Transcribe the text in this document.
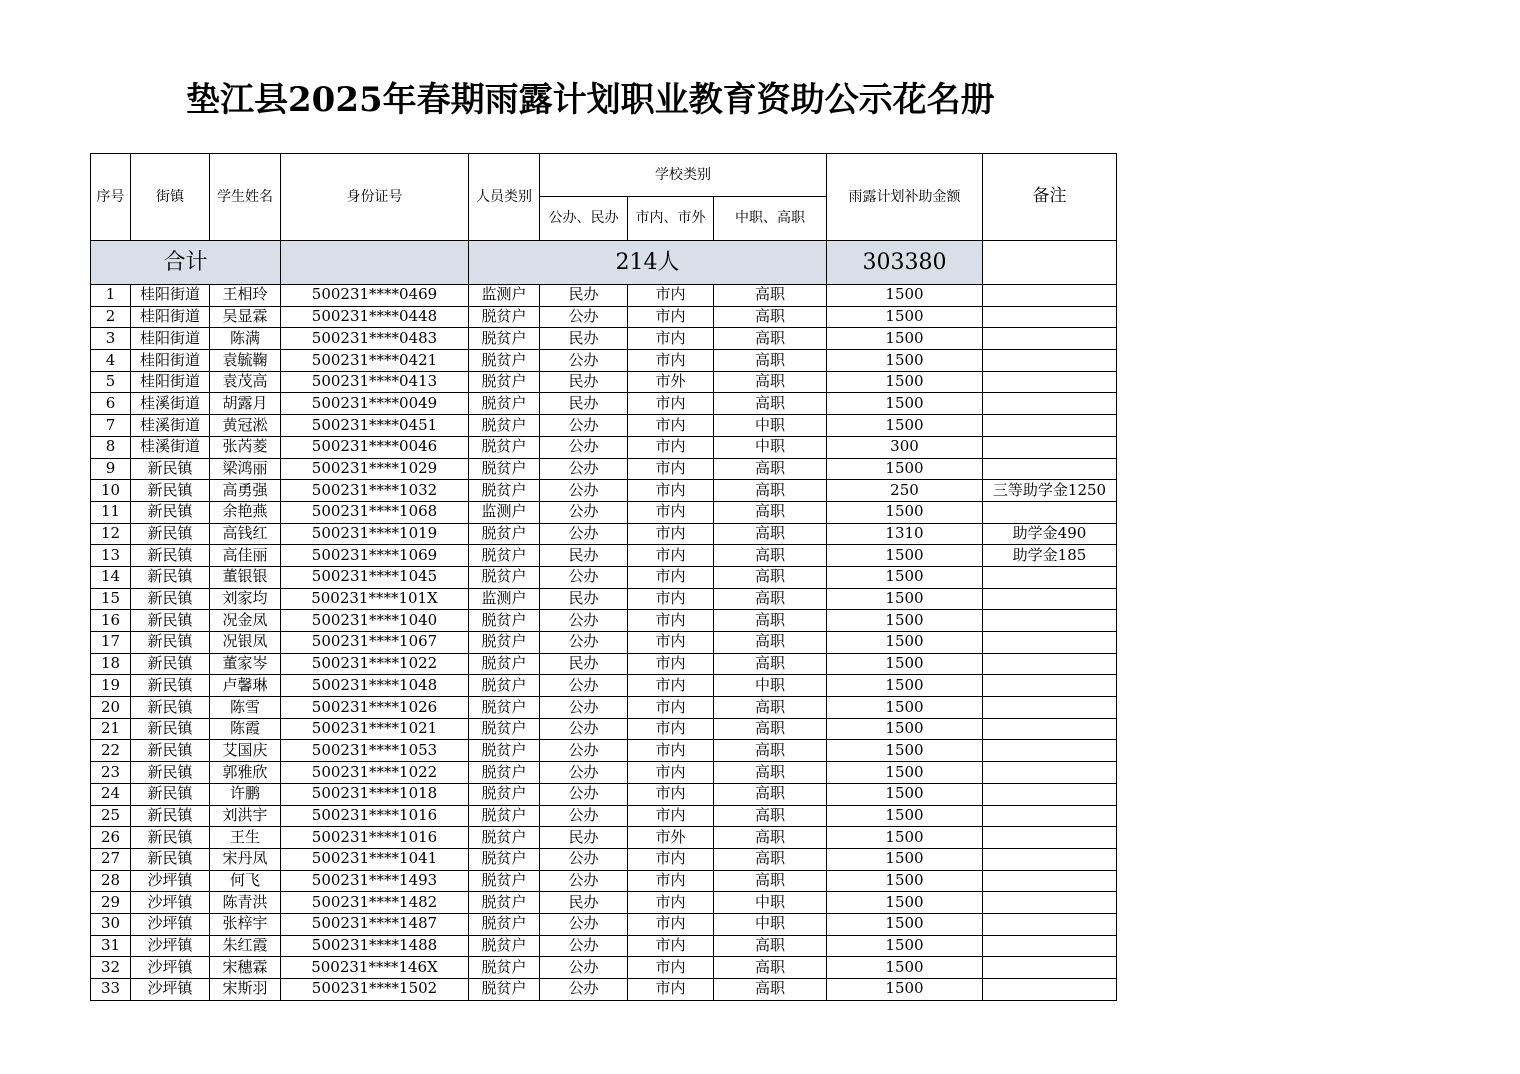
垫江县2025年春期雨露计划职业教育资助公示花名册
序号	街镇	学生姓名	身份证号	人员类别	学校类别			雨露计划补助金额	备注
					公办、民办	市内、市外	中职、高职		
合计				214人				303380	
1	桂阳街道	王相玲	500231****0469	监测户	民办	市内	高职	1500	
2	桂阳街道	吴显霖	500231****0448	脱贫户	公办	市内	高职	1500	
3	桂阳街道	陈满	500231****0483	脱贫户	民办	市内	高职	1500	
4	桂阳街道	袁毓鞠	500231****0421	脱贫户	公办	市内	高职	1500	
5	桂阳街道	袁茂高	500231****0413	脱贫户	民办	市外	高职	1500	
6	桂溪街道	胡露月	500231****0049	脱贫户	民办	市内	高职	1500	
7	桂溪街道	黄冠淞	500231****0451	脱贫户	公办	市内	中职	1500	
8	桂溪街道	张芮菱	500231****0046	脱贫户	公办	市内	中职	300	
9	新民镇	梁鸿丽	500231****1029	脱贫户	公办	市内	高职	1500	
10	新民镇	高勇强	500231****1032	脱贫户	公办	市内	高职	250	三等助学金1250
11	新民镇	余艳燕	500231****1068	监测户	公办	市内	高职	1500	
12	新民镇	高钱红	500231****1019	脱贫户	公办	市内	高职	1310	助学金490
13	新民镇	高佳丽	500231****1069	脱贫户	民办	市内	高职	1500	助学金185
14	新民镇	董银银	500231****1045	脱贫户	公办	市内	高职	1500	
15	新民镇	刘家均	500231****101X	监测户	民办	市内	高职	1500	
16	新民镇	况金凤	500231****1040	脱贫户	公办	市内	高职	1500	
17	新民镇	况银凤	500231****1067	脱贫户	公办	市内	高职	1500	
18	新民镇	董家岑	500231****1022	脱贫户	民办	市内	高职	1500	
19	新民镇	卢馨琳	500231****1048	脱贫户	公办	市内	中职	1500	
20	新民镇	陈雪	500231****1026	脱贫户	公办	市内	高职	1500	
21	新民镇	陈霞	500231****1021	脱贫户	公办	市内	高职	1500	
22	新民镇	艾国庆	500231****1053	脱贫户	公办	市内	高职	1500	
23	新民镇	郭雅欣	500231****1022	脱贫户	公办	市内	高职	1500	
24	新民镇	许鹏	500231****1018	脱贫户	公办	市内	高职	1500	
25	新民镇	刘洪宇	500231****1016	脱贫户	公办	市内	高职	1500	
26	新民镇	王生	500231****1016	脱贫户	民办	市外	高职	1500	
27	新民镇	宋丹凤	500231****1041	脱贫户	公办	市内	高职	1500	
28	沙坪镇	何飞	500231****1493	脱贫户	公办	市内	高职	1500	
29	沙坪镇	陈青洪	500231****1482	脱贫户	民办	市内	中职	1500	
30	沙坪镇	张梓宇	500231****1487	脱贫户	公办	市内	中职	1500	
31	沙坪镇	朱红霞	500231****1488	脱贫户	公办	市内	高职	1500	
32	沙坪镇	宋穗霖	500231****146X	脱贫户	公办	市内	高职	1500	
33	沙坪镇	宋斯羽	500231****1502	脱贫户	公办	市内	高职	1500	
